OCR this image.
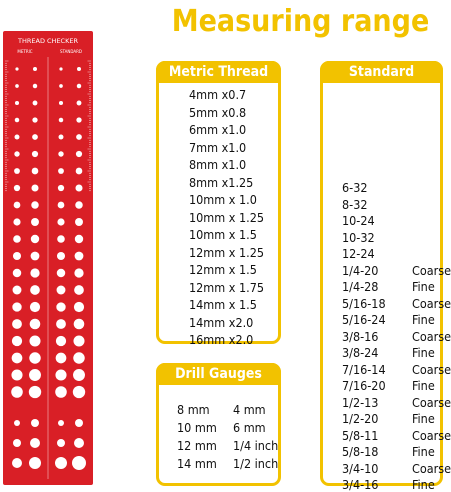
Measuring range
THREAD CHECKER
METRIC	STANDARD
Metric Thread
4mm x0.7
5mm x0.8
6mm x1.0
7mm x1.0
8mm x1.0
8mm x1.25
10mm x 1.0
10mm x 1.25
10mm x 1.5
12mm x 1.25
12mm x 1.5
12mm x 1.75
14mm x 1.5
14mm x2.0
16mm x2.0
Standard
6-32
8-32
10-24
10-32
12-24
1/4-20	Coarse
1/4-28	Fine
5/16-18 Coarse
5/16-24 Fine
3/8-16	Coarse
3/8-24	Fine
7/16-14 Coarse
7/16-20 Fine
1/2-13	Coarse
1/2-20	Fine
5/8-11	Coarse
5/8-18	Fine
3/4-10	Coarse
3/4-16	Fine
Drill Gauges
8 mm 4 mm
10 mm 6 mm
12 mm 1/4 inch
14 mm 1/2 inch
